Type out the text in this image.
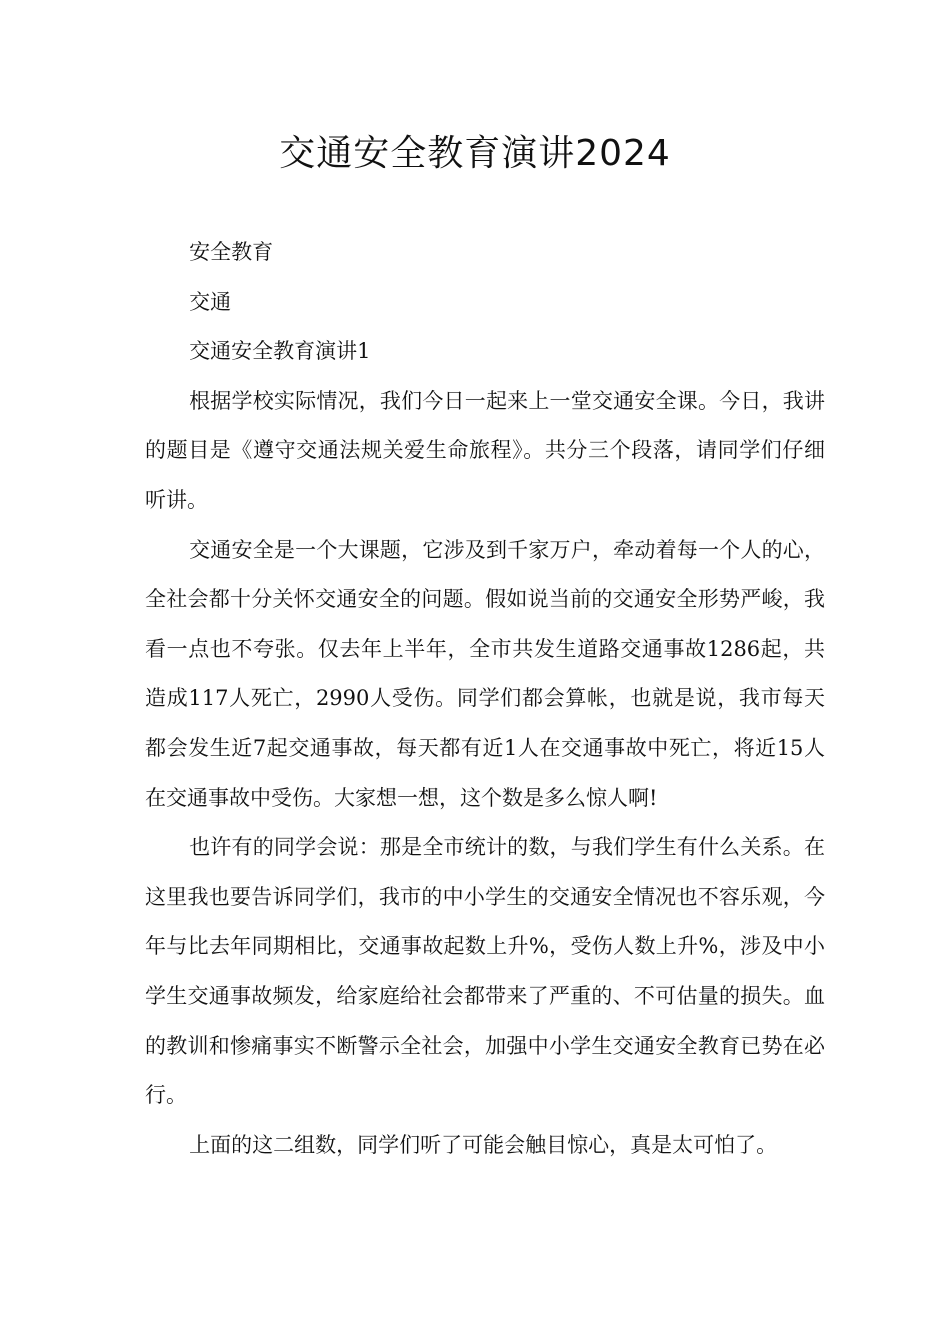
交通安全教育演讲2024

安全教育

交通

交通安全教育演讲1

根据学校实际情况，我们今日一起来上一堂交通安全课。今日，我讲的题目是《遵守交通法规关爱生命旅程》。共分三个段落，请同学们仔细听讲。

交通安全是一个大课题，它涉及到千家万户，牵动着每一个人的心，全社会都十分关怀交通安全的问题。假如说当前的交通安全形势严峻，我看一点也不夸张。仅去年上半年，全市共发生道路交通事故1286起，共造成117人死亡，2990人受伤。同学们都会算帐，也就是说，我市每天都会发生近7起交通事故，每天都有近1人在交通事故中死亡，将近15人在交通事故中受伤。大家想一想，这个数是多么惊人啊!

也许有的同学会说：那是全市统计的数，与我们学生有什么关系。在这里我也要告诉同学们，我市的中小学生的交通安全情况也不容乐观，今年与比去年同期相比，交通事故起数上升%，受伤人数上升%，涉及中小学生交通事故频发，给家庭给社会都带来了严重的、不可估量的损失。血的教训和惨痛事实不断警示全社会，加强中小学生交通安全教育已势在必行。

上面的这二组数，同学们听了可能会触目惊心，真是太可怕了。
